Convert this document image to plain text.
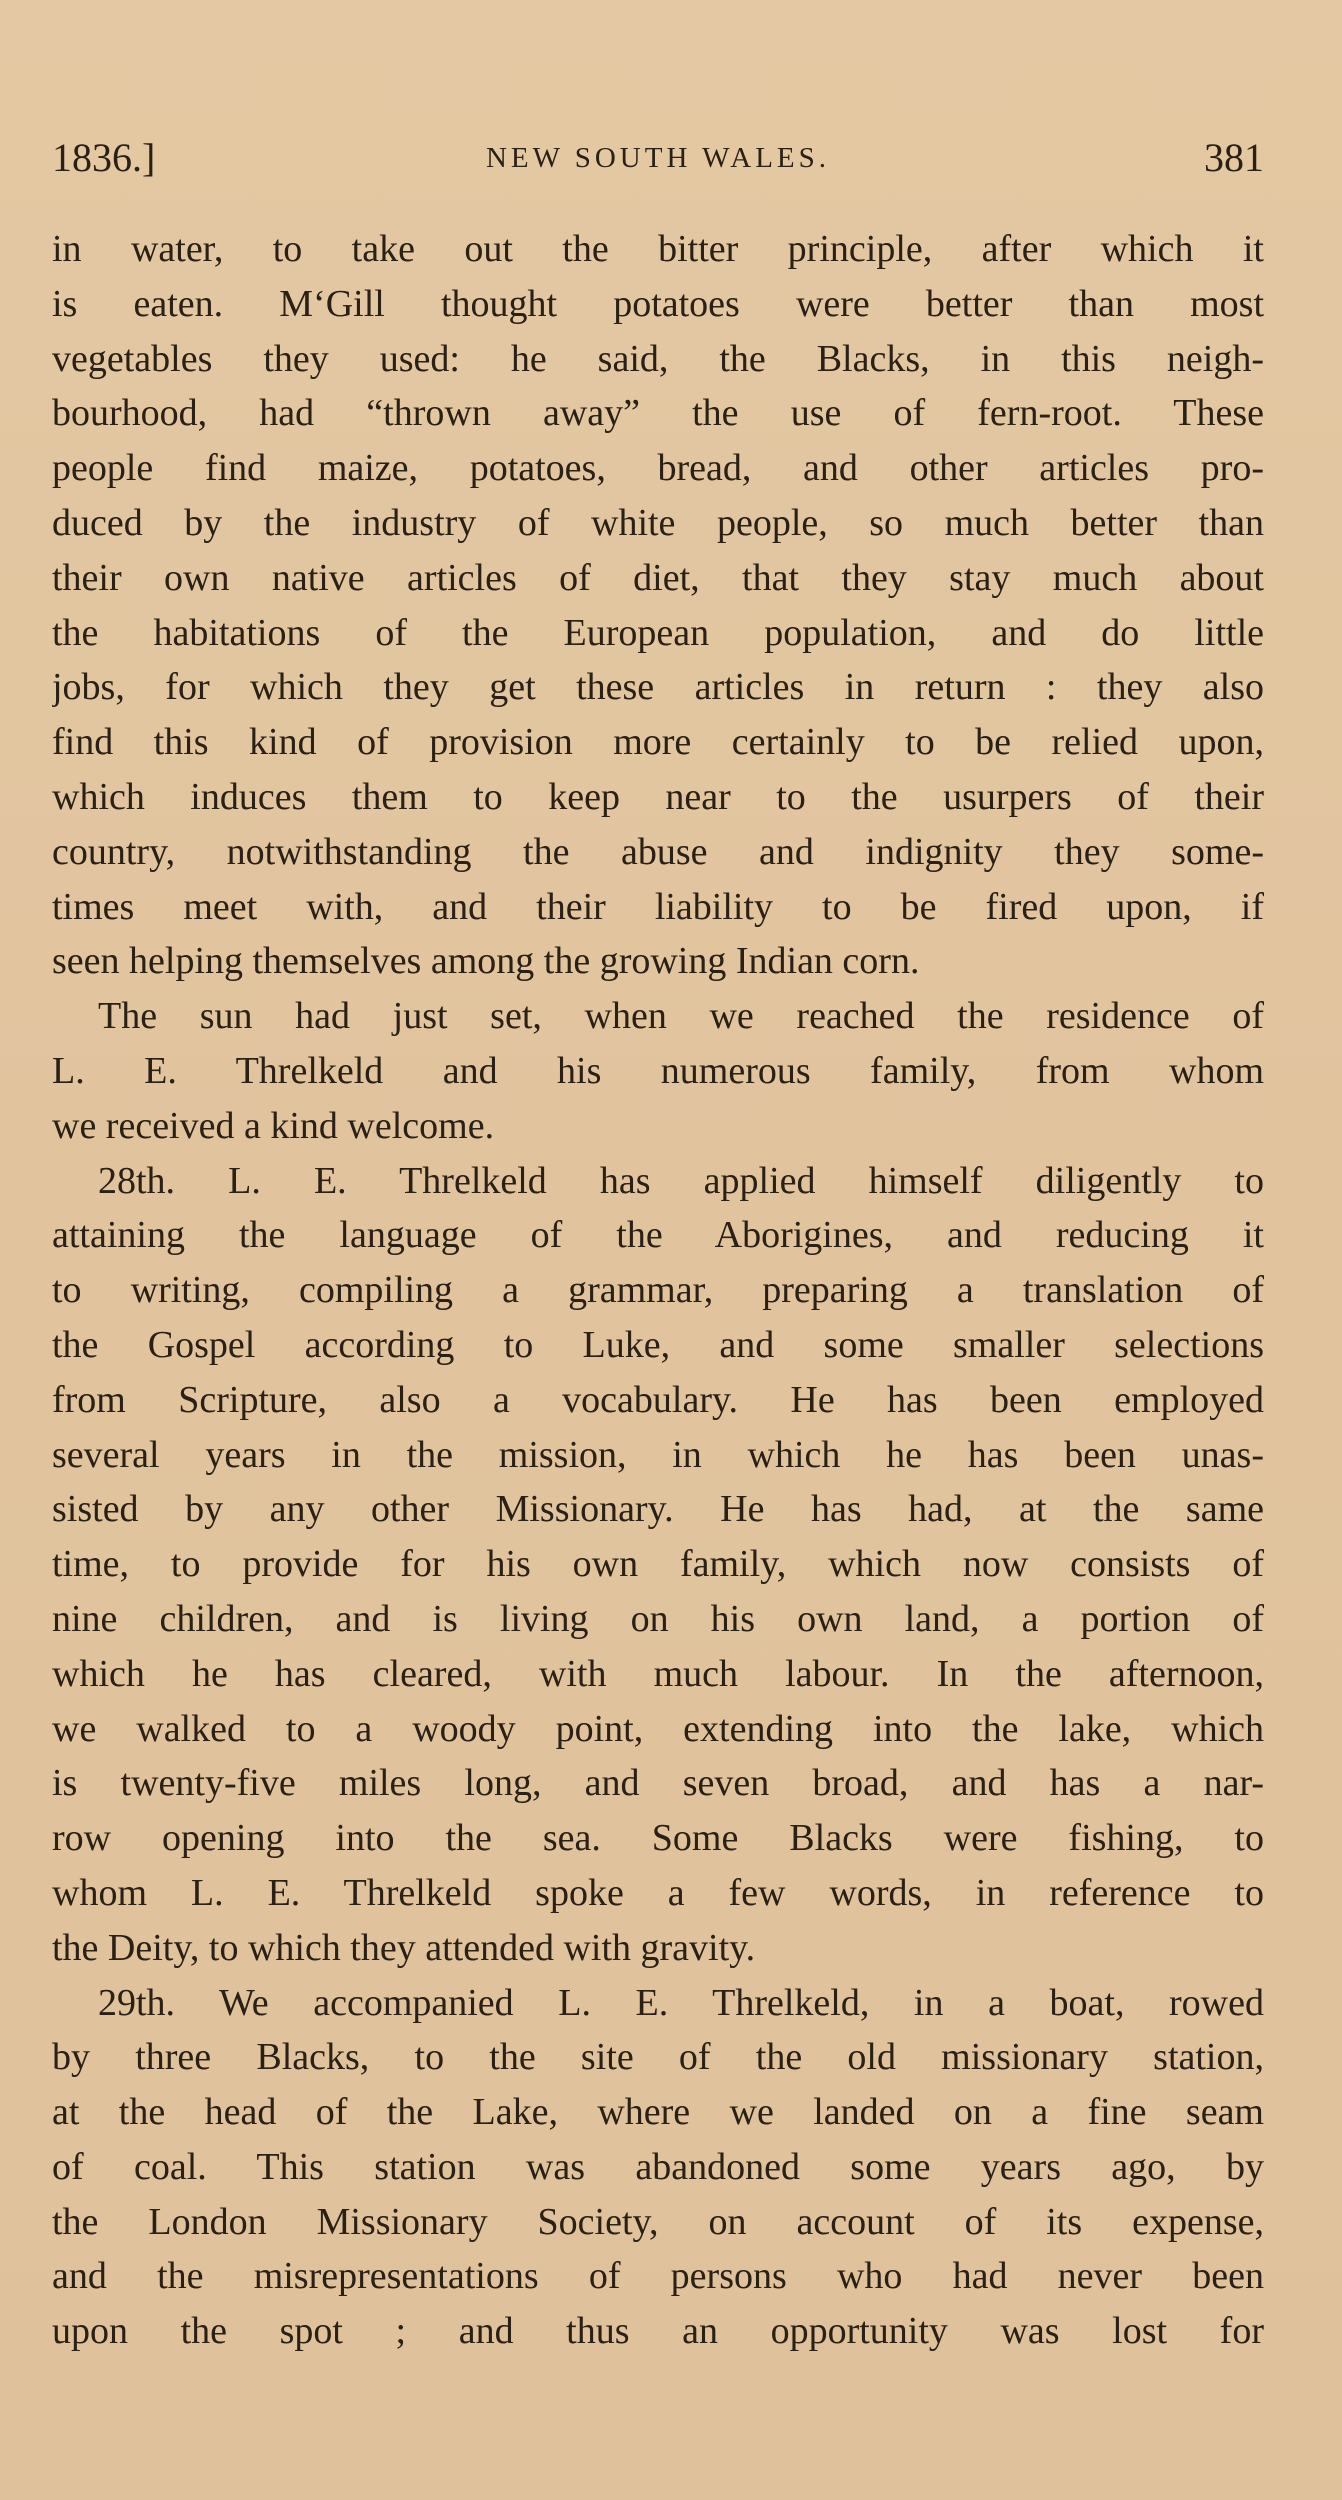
NEW SOUTH WALES.
1836.]	381
in water, to take out the bitter principle, after which it
is eaten. M‘Gill thought potatoes were better than most
vegetables they used: he said, the Blacks, in this neigh-
bourhood, had “thrown away” the use of fern-root. These
people find maize, potatoes, bread, and other articles pro-
duced by the industry of white people, so much better than
their own native articles of diet, that they stay much about
the habitations of the European population, and do little
jobs, for which they get these articles in return : they also
find this kind of provision more certainly to be relied upon,
which induces them to keep near to the usurpers of their
country, notwithstanding the abuse and indignity they some-
times meet with, and their liability to be fired upon, if
seen helping themselves among the growing Indian corn.
The sun had just set, when we reached the residence of
L. E. Threlkeld and his numerous family, from whom
we received a kind welcome.
28th. L. E. Threlkeld has applied himself diligently to
attaining the language of the Aborigines, and reducing it
to writing, compiling a grammar, preparing a translation of
the Gospel according to Luke, and some smaller selections
from Scripture, also a vocabulary. He has been employed
several years in the mission, in which he has been unas-
sisted by any other Missionary. He has had, at the same
time, to provide for his own family, which now consists of
nine children, and is living on his own land, a portion of
which he has cleared, with much labour. In the afternoon,
we walked to a woody point, extending into the lake, which
is twenty-five miles long, and seven broad, and has a nar-
row opening into the sea. Some Blacks were fishing, to
whom L. E. Threlkeld spoke a few words, in reference to
the Deity, to which they attended with gravity.
29th. We accompanied L. E. Threlkeld, in a boat, rowed
by three Blacks, to the site of the old missionary station,
at the head of the Lake, where we landed on a fine seam
of coal. This station was abandoned some years ago, by
the London Missionary Society, on account of its expense,
and the misrepresentations of persons who had never been
upon the spot ; and thus an opportunity was lost for
